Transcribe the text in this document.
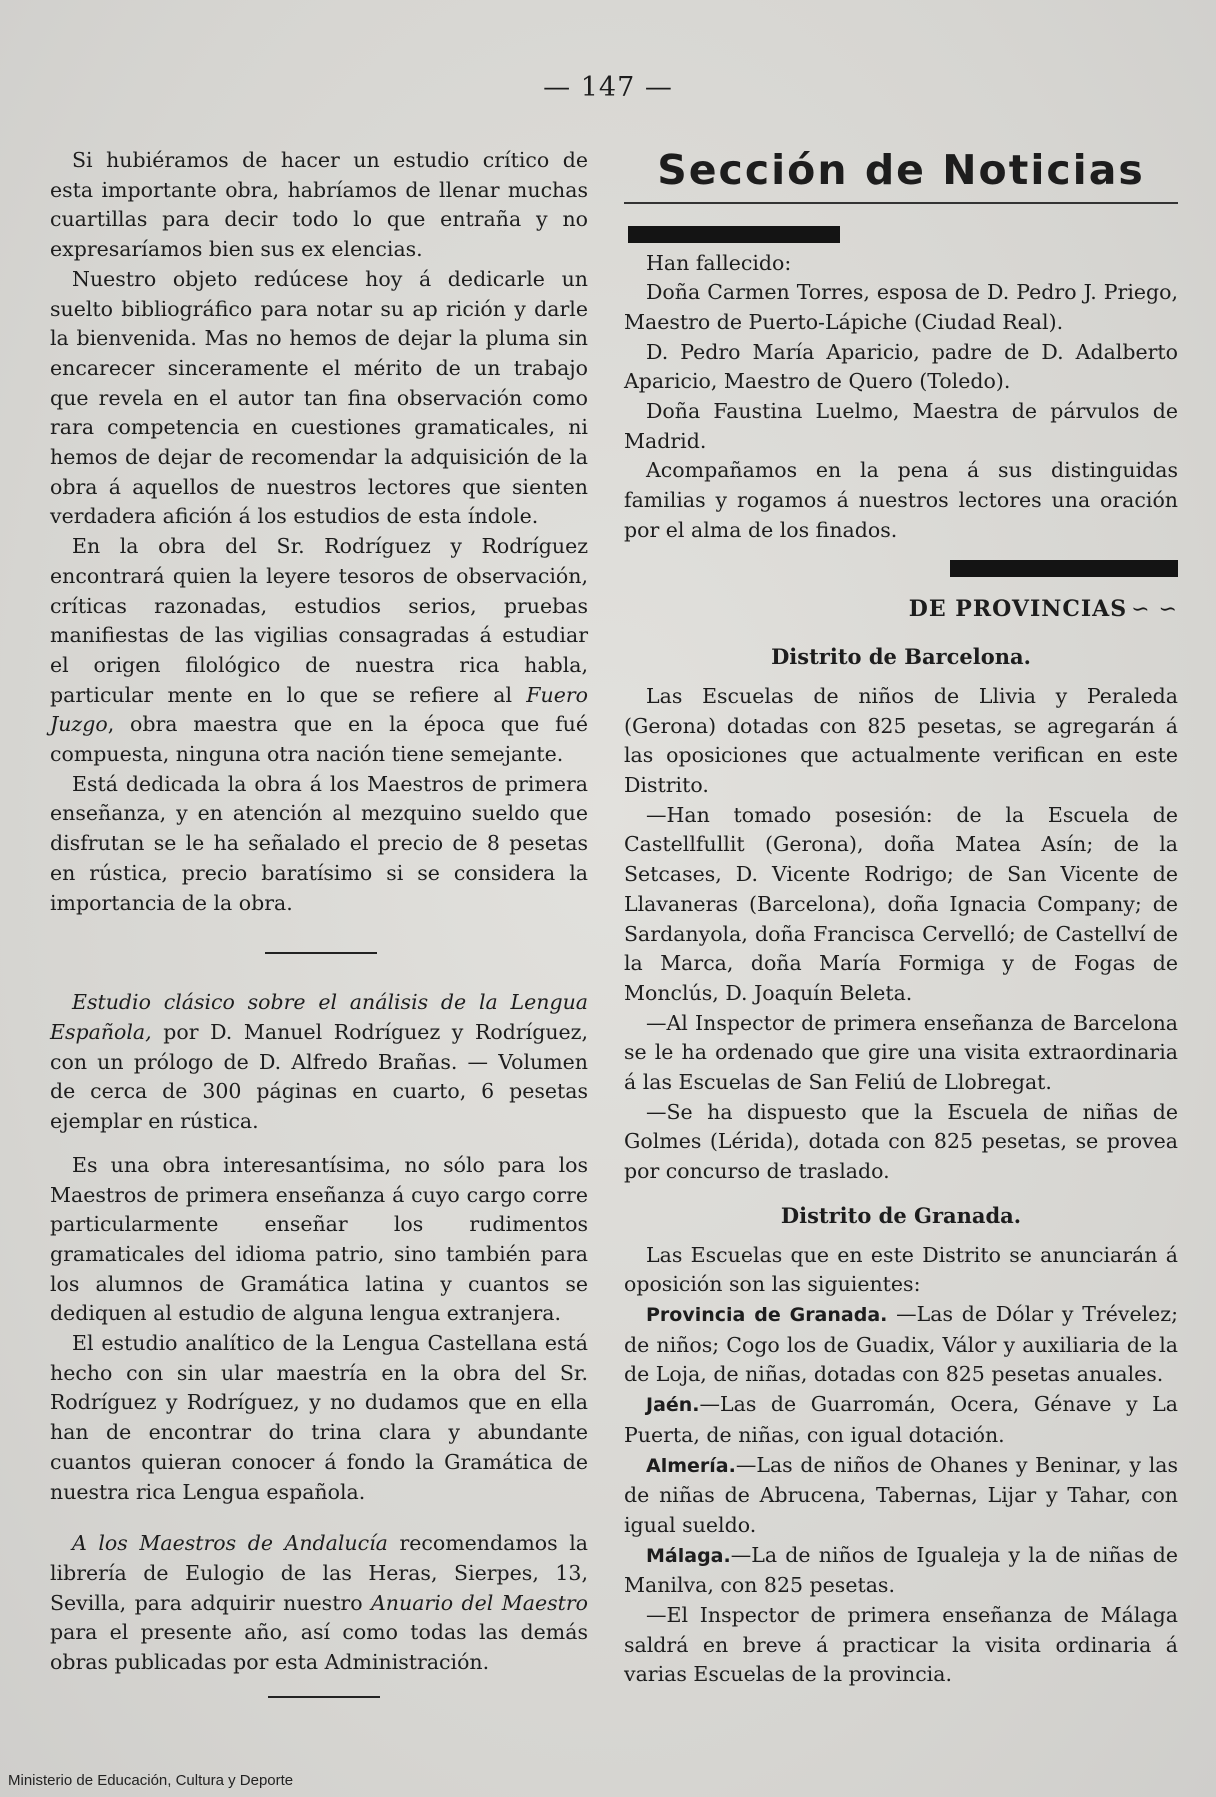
— 147 —

Si hubiéramos de hacer un estudio crítico de esta importante obra, habríamos de llenar muchas cuartillas para decir todo lo que entraña y no expresaríamos bien sus ex elencias.

Nuestro objeto redúcese hoy á dedicarle un suelto bibliográfico para notar su ap rición y darle la bienvenida. Mas no hemos de dejar la pluma sin encarecer sinceramente el mérito de un trabajo que revela en el autor tan fina observación como rara competencia en cuestiones gramaticales, ni hemos de dejar de recomendar la adquisición de la obra á aquellos de nuestros lectores que sienten verdadera afición á los estudios de esta índole.

En la obra del Sr. Rodríguez y Rodríguez encontrará quien la leyere tesoros de observación, críticas razonadas, estudios serios, pruebas manifiestas de las vigilias consagradas á estudiar el origen filológico de nuestra rica habla, particular mente en lo que se refiere al Fuero Juzgo, obra maestra que en la época que fué compuesta, ninguna otra nación tiene semejante.

Está dedicada la obra á los Maestros de primera enseñanza, y en atención al mezquino sueldo que disfrutan se le ha señalado el precio de 8 pesetas en rústica, precio baratísimo si se considera la importancia de la obra.

Estudio clásico sobre el análisis de la Lengua Española, por D. Manuel Rodríguez y Rodríguez, con un prólogo de D. Alfredo Brañas. — Volumen de cerca de 300 páginas en cuarto, 6 pesetas ejemplar en rústica.

Es una obra interesantísima, no sólo para los Maestros de primera enseñanza á cuyo cargo corre particularmente enseñar los rudimentos gramaticales del idioma patrio, sino también para los alumnos de Gramática latina y cuantos se dediquen al estudio de alguna lengua extranjera.

El estudio analítico de la Lengua Castellana está hecho con sin ular maestría en la obra del Sr. Rodríguez y Rodríguez, y no dudamos que en ella han de encontrar do trina clara y abundante cuantos quieran conocer á fondo la Gramática de nuestra rica Lengua española.

A los Maestros de Andalucía recomendamos la librería de Eulogio de las Heras, Sierpes, 13, Sevilla, para adquirir nuestro Anuario del Maestro para el presente año, así como todas las demás obras publicadas por esta Administración.

Sección de Noticias

Han fallecido:

Doña Carmen Torres, esposa de D. Pedro J. Priego, Maestro de Puerto-Lápiche (Ciudad Real).

D. Pedro María Aparicio, padre de D. Adalberto Aparicio, Maestro de Quero (Toledo).

Doña Faustina Luelmo, Maestra de párvulos de Madrid.

Acompañamos en la pena á sus distinguidas familias y rogamos á nuestros lectores una oración por el alma de los finados.

DE PROVINCIAS ∽ ∽
Distrito de Barcelona.

Las Escuelas de niños de Llivia y Peraleda (Gerona) dotadas con 825 pesetas, se agregarán á las oposiciones que actualmente verifican en este Distrito.

—Han tomado posesión: de la Escuela de Castellfullit (Gerona), doña Matea Asín; de la Setcases, D. Vicente Rodrigo; de San Vicente de Llavaneras (Barcelona), doña Ignacia Company; de Sardanyola, doña Francisca Cervelló; de Castellví de la Marca, doña María Formiga y de Fogas de Monclús, D. Joaquín Beleta.

—Al Inspector de primera enseñanza de Barcelona se le ha ordenado que gire una visita extraordinaria á las Escuelas de San Feliú de Llobregat.

—Se ha dispuesto que la Escuela de niñas de Golmes (Lérida), dotada con 825 pesetas, se provea por concurso de traslado.

Distrito de Granada.

Las Escuelas que en este Distrito se anunciarán á oposición son las siguientes:

Provincia de Granada. —Las de Dólar y Trévelez; de niños; Cogo los de Guadix, Válor y auxiliaria de la de Loja, de niñas, dotadas con 825 pesetas anuales.

Jaén.—Las de Guarromán, Ocera, Génave y La Puerta, de niñas, con igual dotación.

Almería.—Las de niños de Ohanes y Beninar, y las de niñas de Abrucena, Tabernas, Lijar y Tahar, con igual sueldo.

Málaga.—La de niños de Igualeja y la de niñas de Manilva, con 825 pesetas.

—El Inspector de primera enseñanza de Málaga saldrá en breve á practicar la visita ordinaria á varias Escuelas de la provincia.

Ministerio de Educación, Cultura y Deporte
